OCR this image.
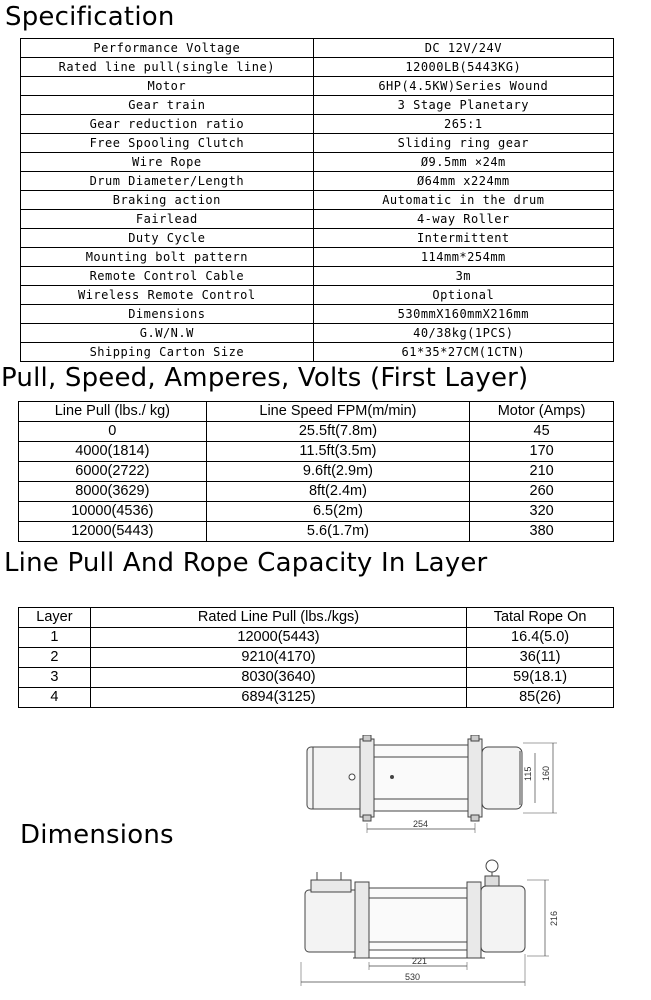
Specification
Performance Voltage	DC 12V/24V
Rated line pull(single line)	12000LB(5443KG)
Motor	6HP(4.5KW)Series Wound
Gear train	3 Stage Planetary
Gear reduction ratio	265:1
Free Spooling Clutch	Sliding ring gear
Wire Rope	Ø9.5mm ×24m
Drum Diameter/Length	Ø64mm x224mm
Braking action	Automatic in the drum
Fairlead	4-way Roller
Duty Cycle	Intermittent
Mounting bolt pattern	114mm*254mm
Remote Control Cable	3m
Wireless Remote Control	Optional
Dimensions	530mmX160mmX216mm
G.W/N.W	40/38kg(1PCS)
Shipping Carton Size	61*35*27CM(1CTN)
Pull, Speed, Amperes, Volts (First Layer)
Line Pull (lbs./ kg)	Line Speed FPM(m/min)	Motor (Amps)
0	25.5ft(7.8m)	45
4000(1814)	11.5ft(3.5m)	170
6000(2722)	9.6ft(2.9m)	210
8000(3629)	8ft(2.4m)	260
10000(4536)	6.5(2m)	320
12000(5443)	5.6(1.7m)	380
Line Pull And Rope Capacity In Layer
Layer	Rated Line Pull (lbs./kgs)	Tatal Rope On
1	12000(5443)	16.4(5.0)
2	9210(4170)	36(11)
3	8030(3640)	59(18.1)
4	6894(3125)	85(26)
Dimensions
115 160
254
216
221
530
